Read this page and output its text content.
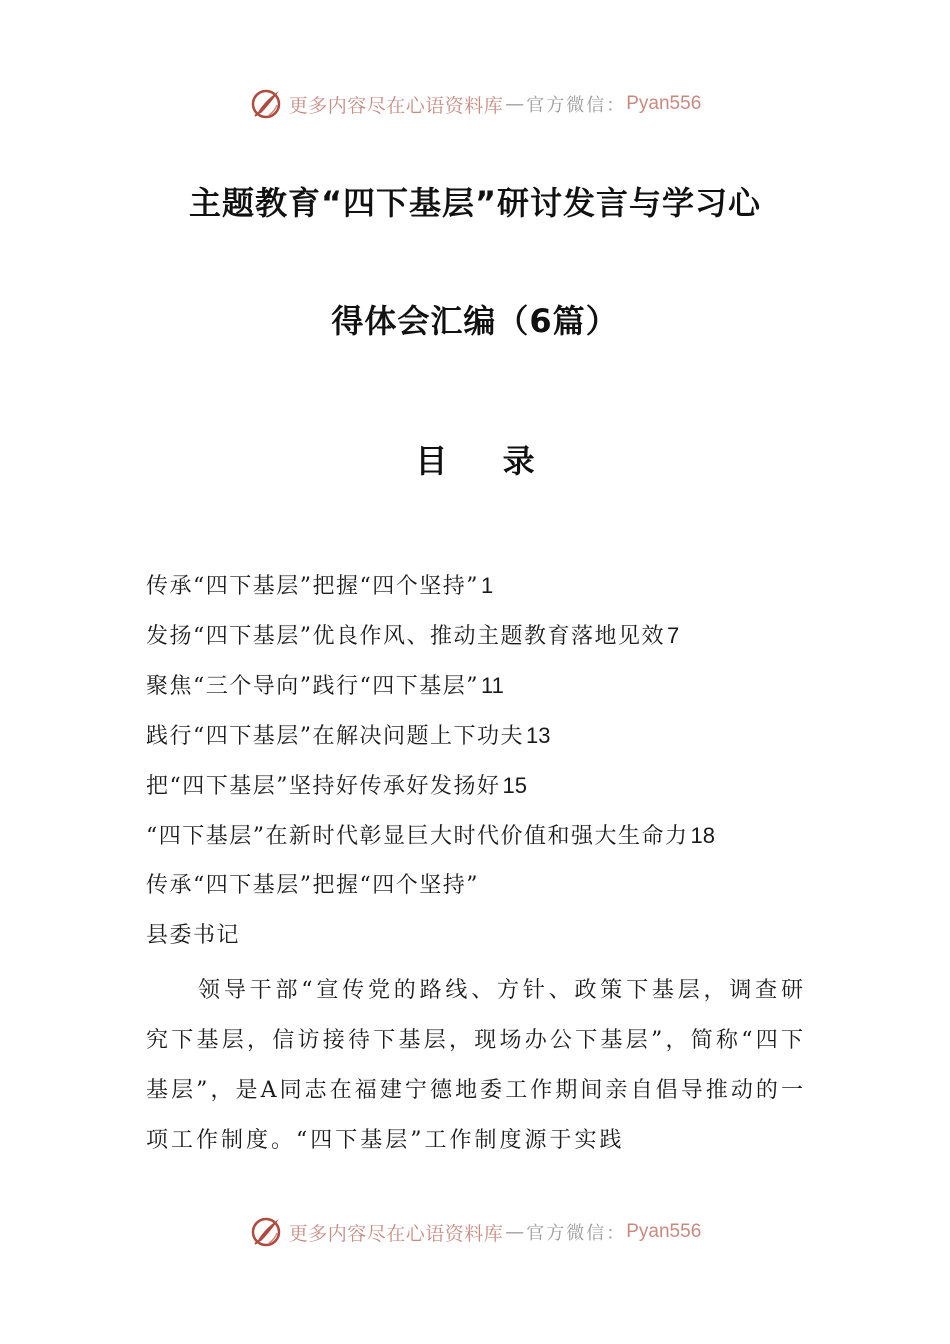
更多内容尽在心语资料库 — 官方微信： Pyan556
主题教育“四下基层”研讨发言与学习心
得体会汇编（6篇）
目 录
传承“四下基层”把握“四个坚持”1
发扬“四下基层”优良作风、推动主题教育落地见效7
聚焦“三个导向”践行“四下基层”11
践行“四下基层”在解决问题上下功夫13
把“四下基层”坚持好传承好发扬好15
“四下基层”在新时代彰显巨大时代价值和强大生命力18
传承“四下基层”把握“四个坚持”
县委书记

领导干部“宣传党的路线、方针、政策下基层，调查研究下基层，信访接待下基层，现场办公下基层”，简称“四下基层”，是A同志在福建宁德地委工作期间亲自倡导推动的一项工作制度。“四下基层”工作制度源于实践

更多内容尽在心语资料库 — 官方微信： Pyan556
